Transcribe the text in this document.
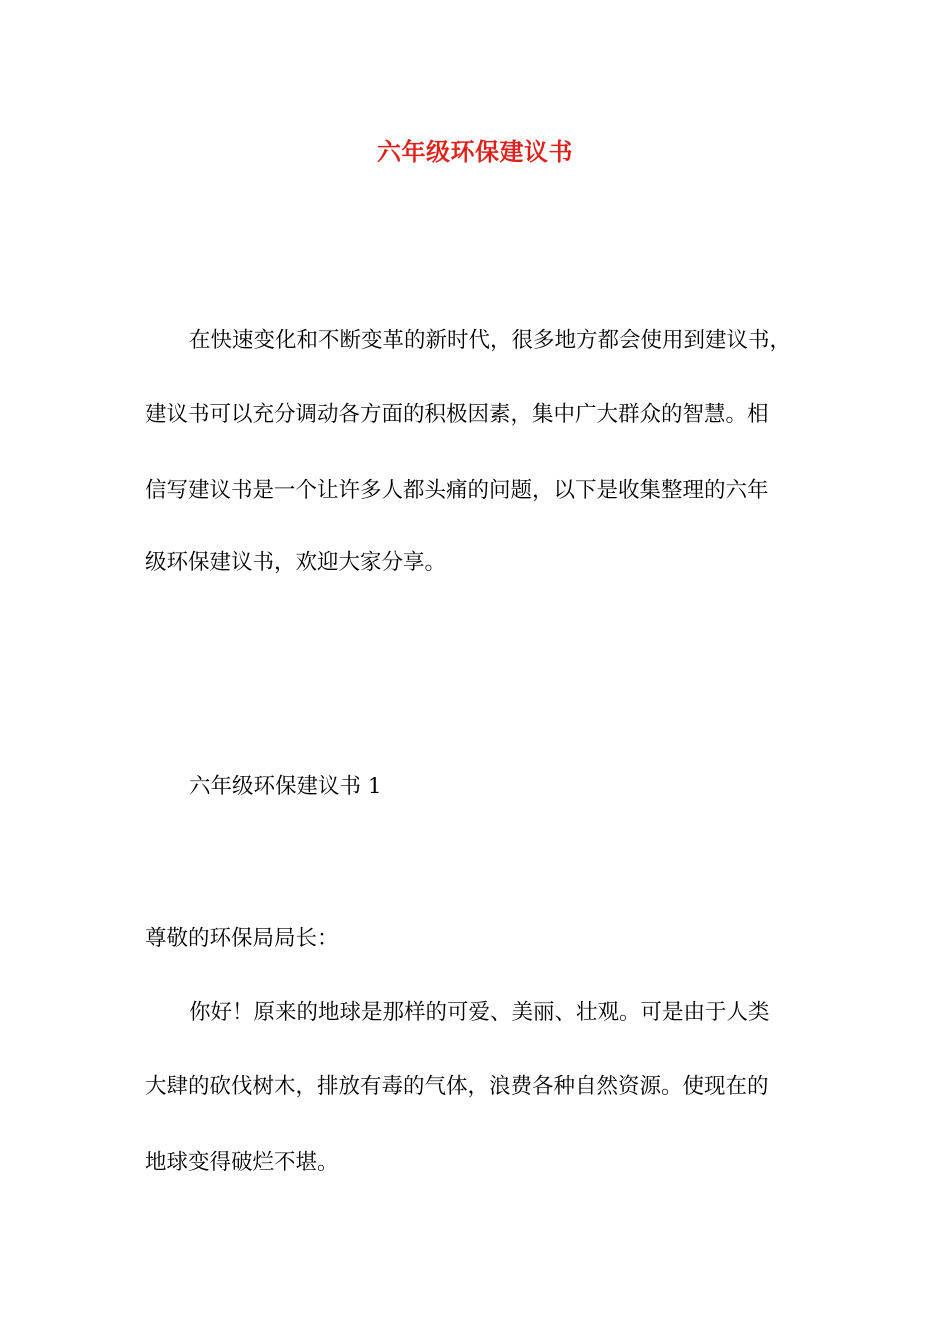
六年级环保建议书
在快速变化和不断变革的新时代，很多地方都会使用到建议书，
建议书可以充分调动各方面的积极因素，集中广大群众的智慧。相
信写建议书是一个让许多人都头痛的问题，以下是收集整理的六年
级环保建议书，欢迎大家分享。
六年级环保建议书 1
尊敬的环保局局长：
你好！原来的地球是那样的可爱、美丽、壮观。可是由于人类
大肆的砍伐树木，排放有毒的气体，浪费各种自然资源。使现在的
地球变得破烂不堪。
